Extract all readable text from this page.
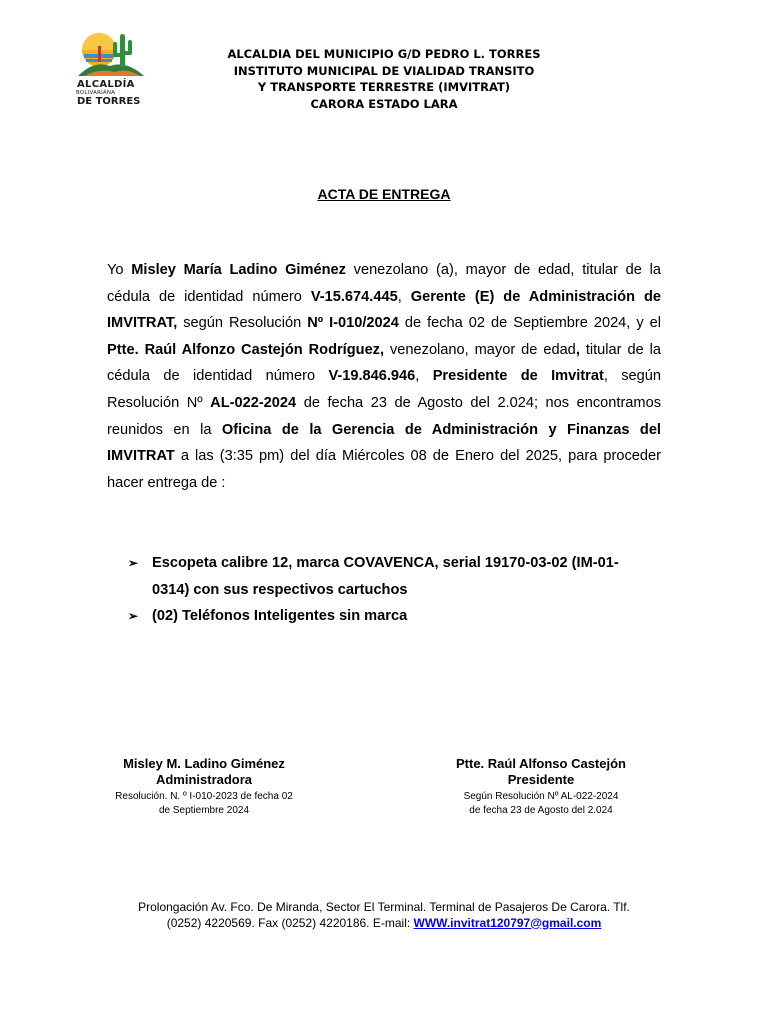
ALCALDÍA
BOLIVARIANA
DE TORRES
ALCALDIA DEL MUNICIPIO G/D PEDRO L. TORRES
INSTITUTO MUNICIPAL DE VIALIDAD TRANSITO
Y TRANSPORTE TERRESTRE (IMVITRAT)
CARORA ESTADO LARA
ACTA DE ENTREGA

Yo Misley María Ladino Giménez venezolano (a), mayor de edad, titular de la cédula de identidad número V-15.674.445, Gerente (E) de Administración de IMVITRAT, según Resolución Nº I-010/2024 de fecha 02 de Septiembre 2024, y el Ptte. Raúl Alfonzo Castejón Rodríguez, venezolano, mayor de edad, titular de la cédula de identidad número V-19.846.946, Presidente de Imvitrat, según Resolución Nº AL-022-2024 de fecha 23 de Agosto del 2.024; nos encontramos reunidos en la Oficina de la Gerencia de Administración y Finanzas del IMVITRAT a las (3:35 pm) del día Miércoles 08 de Enero del 2025, para proceder hacer entrega de :

➢ Escopeta calibre 12, marca COVAVENCA, serial 19170-03-02 (IM-01-0314) con sus respectivos cartuchos
➢ (02) Teléfonos Inteligentes sin marca
Misley M. Ladino Giménez
Administradora
Resolución. N. º I-010-2023 de fecha 02
de Septiembre 2024
Ptte. Raúl Alfonso Castejón
Presidente
Según Resolución Nº AL-022-2024
de fecha 23 de Agosto del 2.024
Prolongación Av. Fco. De Miranda, Sector El Terminal. Terminal de Pasajeros De Carora. Tlf.
(0252) 4220569. Fax (0252) 4220186. E-mail: WWW.invitrat120797@gmail.com
